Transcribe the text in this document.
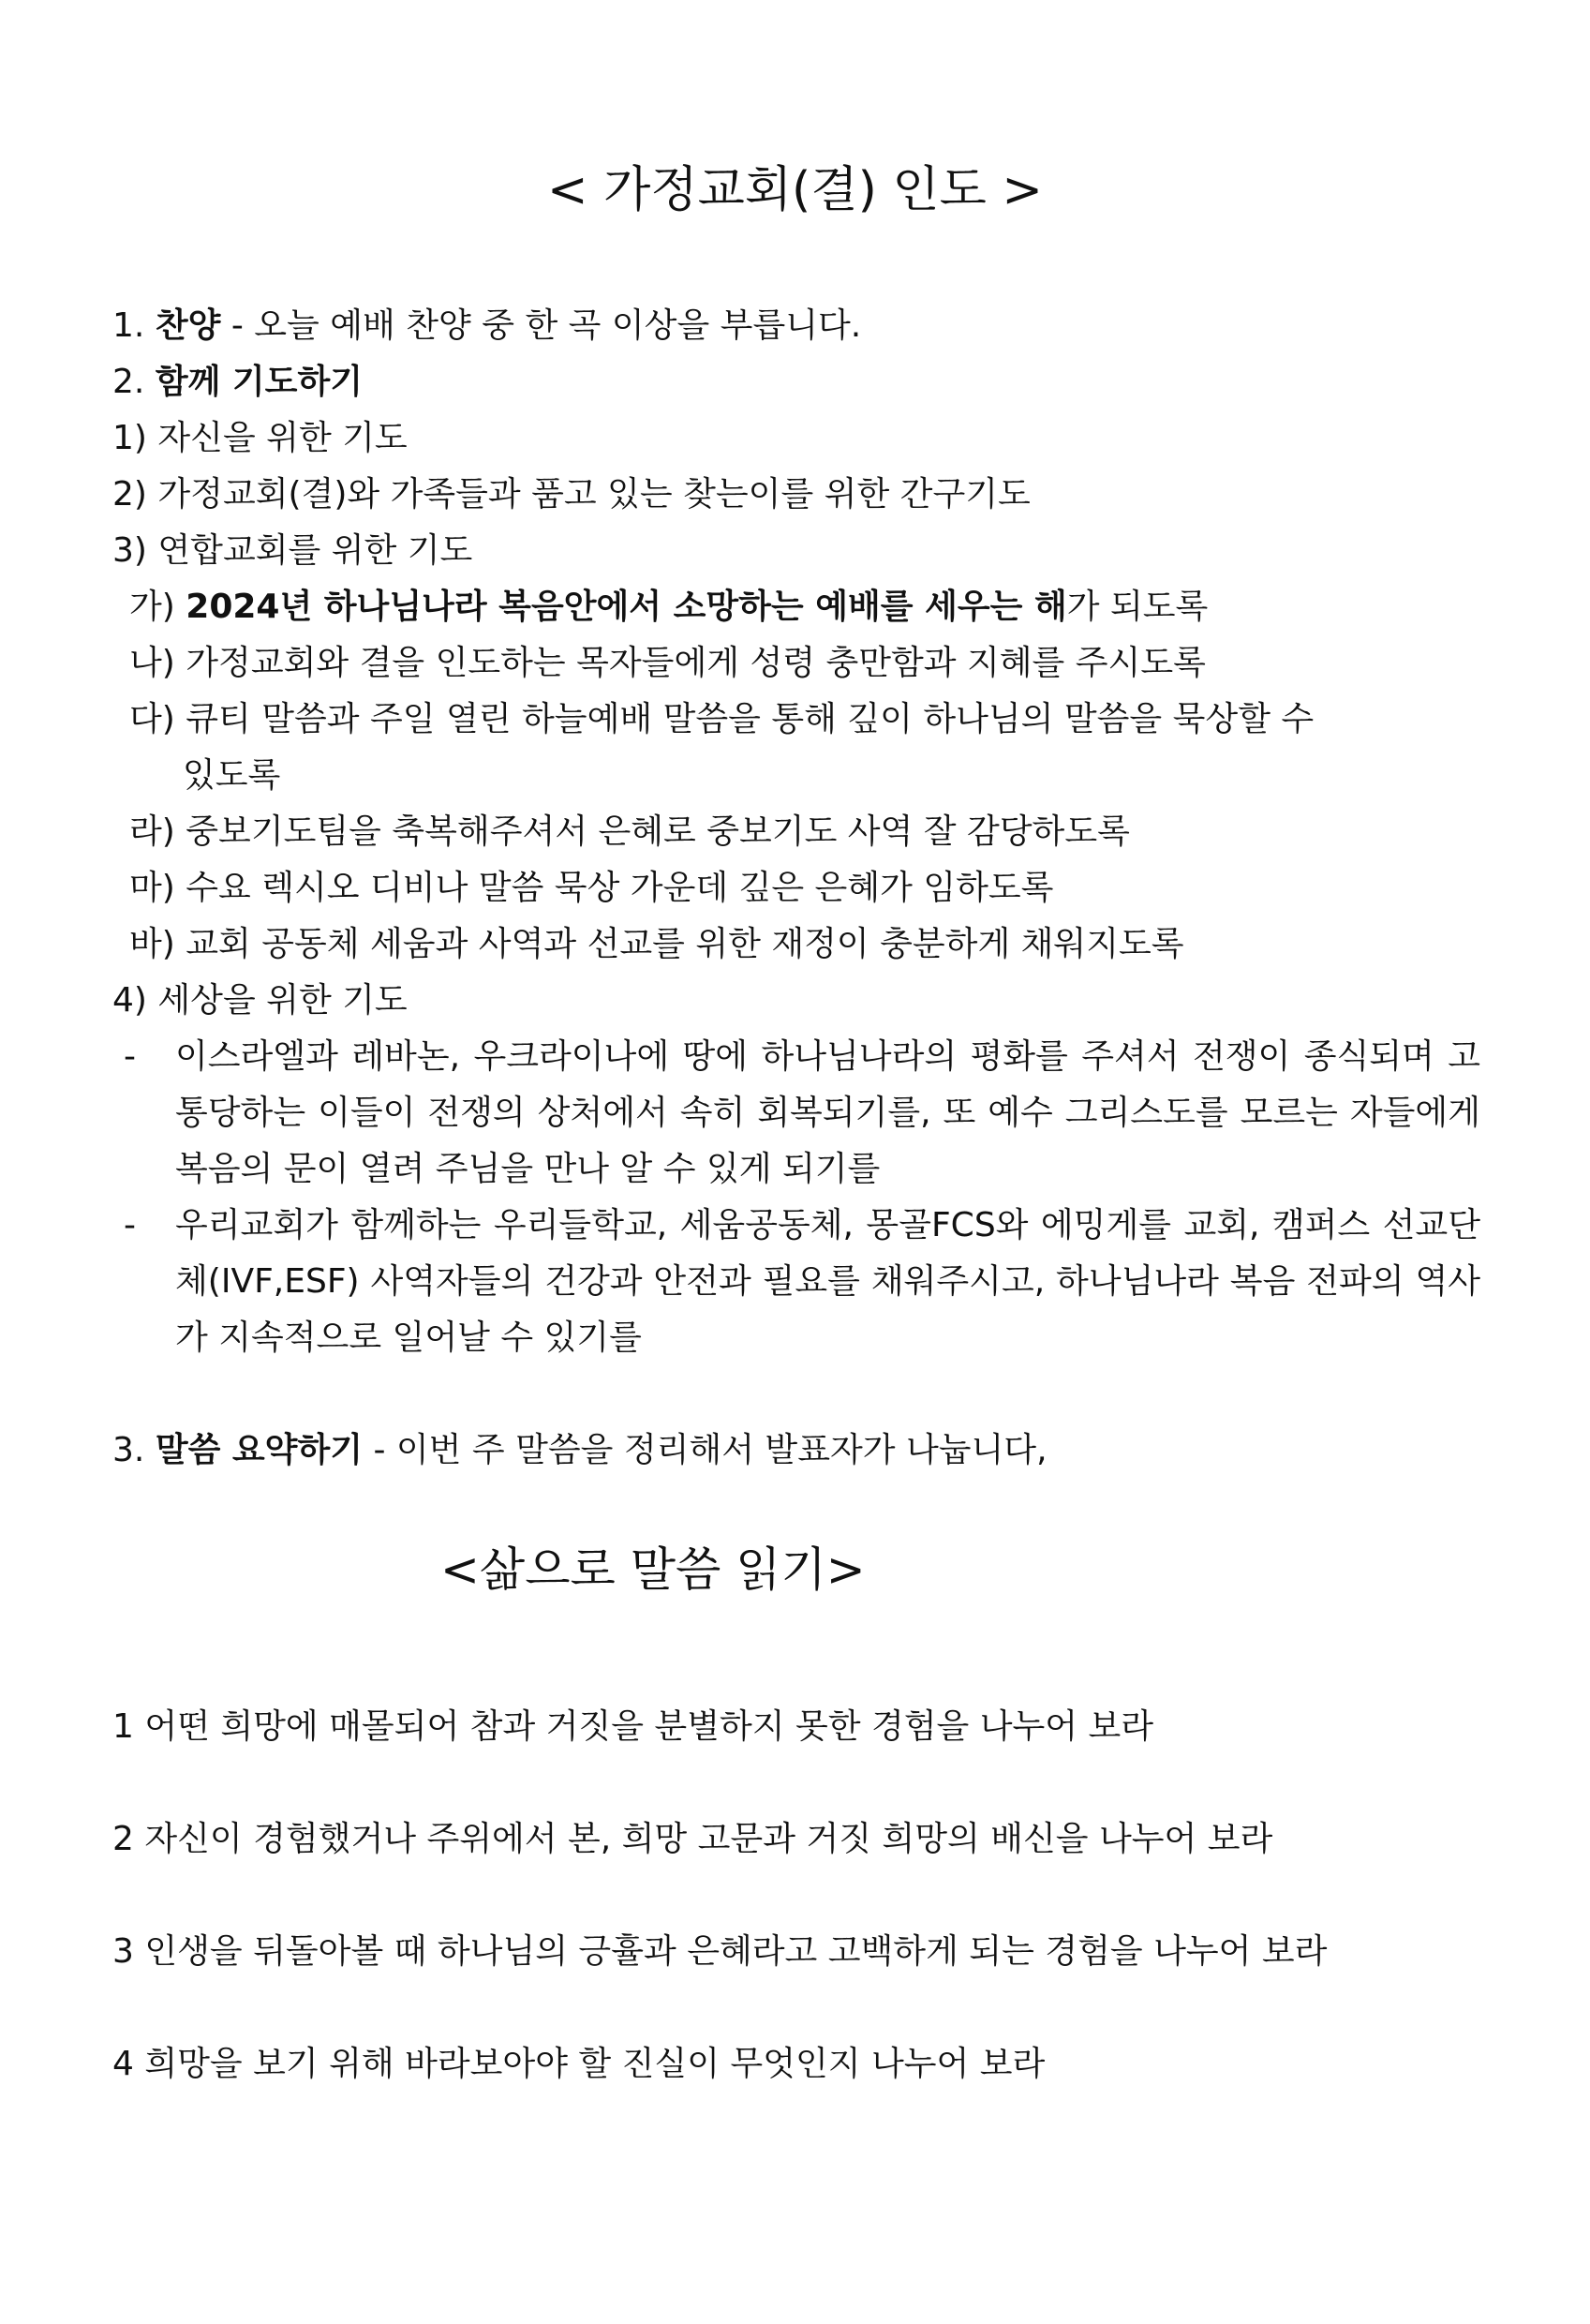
< 가정교회(결) 인도 >
1. 찬양 - 오늘 예배 찬양 중 한 곡 이상을 부릅니다.
2. 함께 기도하기
1) 자신을 위한 기도
2) 가정교회(결)와 가족들과 품고 있는 찾는이를 위한 간구기도
3) 연합교회를 위한 기도
가) 2024년 하나님나라 복음안에서 소망하는 예배를 세우는 해가 되도록
나) 가정교회와 결을 인도하는 목자들에게 성령 충만함과 지혜를 주시도록
다) 큐티 말씀과 주일 열린 하늘예배 말씀을 통해 깊이 하나님의 말씀을 묵상할 수
있도록
라) 중보기도팀을 축복해주셔서 은혜로 중보기도 사역 잘 감당하도록
마) 수요 렉시오 디비나 말씀 묵상 가운데 깊은 은혜가 임하도록
바) 교회 공동체 세움과 사역과 선교를 위한 재정이 충분하게 채워지도록
4) 세상을 위한 기도
-	이스라엘과 레바논, 우크라이나에 땅에 하나님나라의 평화를 주셔서 전쟁이 종식되며 고통당하는 이들이 전쟁의 상처에서 속히 회복되기를, 또 예수 그리스도를 모르는 자들에게 복음의 문이 열려 주님을 만나 알 수 있게 되기를
-	우리교회가 함께하는 우리들학교, 세움공동체, 몽골FCS와 에밍게를 교회, 캠퍼스 선교단체(IVF,ESF) 사역자들의 건강과 안전과 필요를 채워주시고, 하나님나라 복음 전파의 역사가 지속적으로 일어날 수 있기를
3. 말씀 요약하기 - 이번 주 말씀을 정리해서 발표자가 나눕니다,
<삶으로 말씀 읽기>
1 어떤 희망에 매몰되어 참과 거짓을 분별하지 못한 경험을 나누어 보라
2 자신이 경험했거나 주위에서 본, 희망 고문과 거짓 희망의 배신을 나누어 보라
3 인생을 뒤돌아볼 때 하나님의 긍휼과 은혜라고 고백하게 되는 경험을 나누어 보라
4 희망을 보기 위해 바라보아야 할 진실이 무엇인지 나누어 보라
